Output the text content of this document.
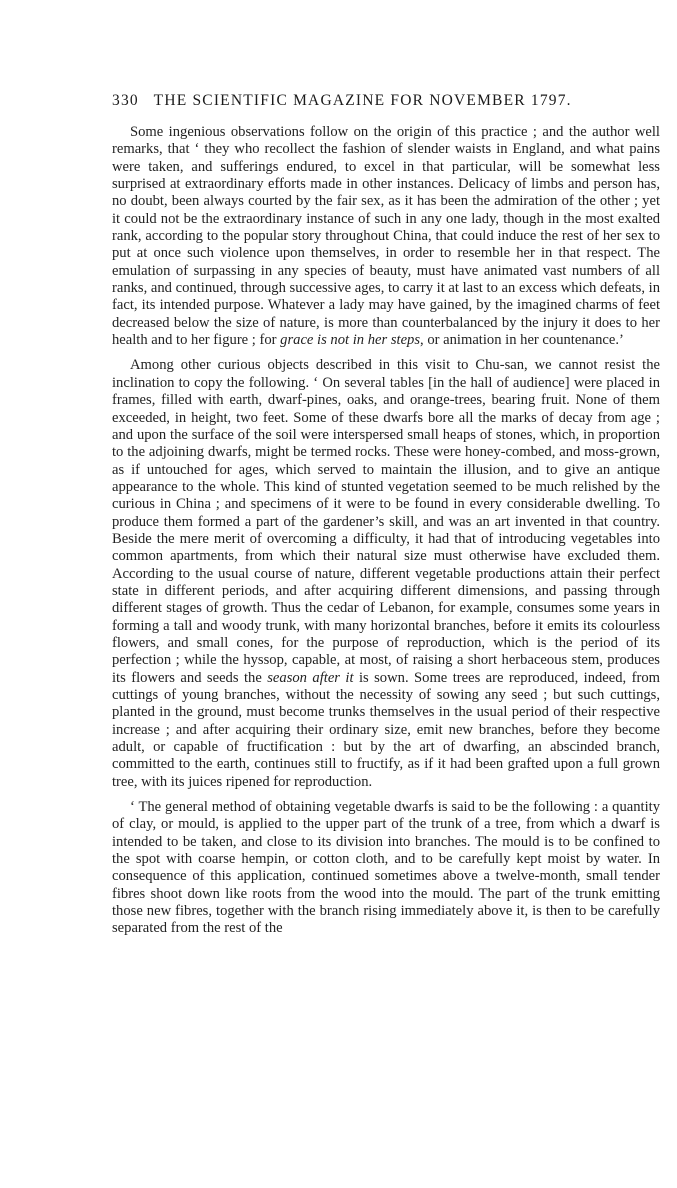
330 THE SCIENTIFIC MAGAZINE FOR NOVEMBER 1797.

Some ingenious observations follow on the origin of this practice ; and the author well remarks, that ‘ they who recollect the fashion of slender waists in England, and what pains were taken, and sufferings endured, to excel in that particular, will be somewhat less surprised at extraordinary efforts made in other instances. Delicacy of limbs and person has, no doubt, been always courted by the fair sex, as it has been the admiration of the other ; yet it could not be the extraordinary instance of such in any one lady, though in the most exalted rank, according to the popular story throughout China, that could induce the rest of her sex to put at once such violence upon themselves, in order to resemble her in that respect. The emulation of surpassing in any species of beauty, must have animated vast numbers of all ranks, and continued, through successive ages, to carry it at last to an excess which defeats, in fact, its intended purpose. Whatever a lady may have gained, by the imagined charms of feet decreased below the size of nature, is more than counterbalanced by the injury it does to her health and to her figure ; for grace is not in her steps, or animation in her countenance.’

Among other curious objects described in this visit to Chu-san, we cannot resist the inclination to copy the following. ‘ On several tables [in the hall of audience] were placed in frames, filled with earth, dwarf-pines, oaks, and orange-trees, bearing fruit. None of them exceeded, in height, two feet. Some of these dwarfs bore all the marks of decay from age ; and upon the surface of the soil were interspersed small heaps of stones, which, in proportion to the adjoining dwarfs, might be termed rocks. These were honey-combed, and moss-grown, as if untouched for ages, which served to maintain the illusion, and to give an antique appearance to the whole. This kind of stunted vegetation seemed to be much relished by the curious in China ; and specimens of it were to be found in every considerable dwelling. To produce them formed a part of the gardener’s skill, and was an art invented in that country. Beside the mere merit of overcoming a difficulty, it had that of introducing vegetables into common apartments, from which their natural size must otherwise have excluded them. According to the usual course of nature, different vegetable productions attain their perfect state in different periods, and after acquiring different dimensions, and passing through different stages of growth. Thus the cedar of Lebanon, for example, consumes some years in forming a tall and woody trunk, with many horizontal branches, before it emits its colourless flowers, and small cones, for the purpose of reproduction, which is the period of its perfection ; while the hyssop, capable, at most, of raising a short herbaceous stem, produces its flowers and seeds the season after it is sown. Some trees are reproduced, indeed, from cuttings of young branches, without the necessity of sowing any seed ; but such cuttings, planted in the ground, must become trunks themselves in the usual period of their respective increase ; and after acquiring their ordinary size, emit new branches, before they become adult, or capable of fructification : but by the art of dwarfing, an abscinded branch, committed to the earth, continues still to fructify, as if it had been grafted upon a full grown tree, with its juices ripened for reproduction.

‘ The general method of obtaining vegetable dwarfs is said to be the following : a quantity of clay, or mould, is applied to the upper part of the trunk of a tree, from which a dwarf is intended to be taken, and close to its division into branches. The mould is to be confined to the spot with coarse hempin, or cotton cloth, and to be carefully kept moist by water. In consequence of this application, continued sometimes above a twelve-month, small tender fibres shoot down like roots from the wood into the mould. The part of the trunk emitting those new fibres, together with the branch rising immediately above it, is then to be carefully separated from the rest of the
